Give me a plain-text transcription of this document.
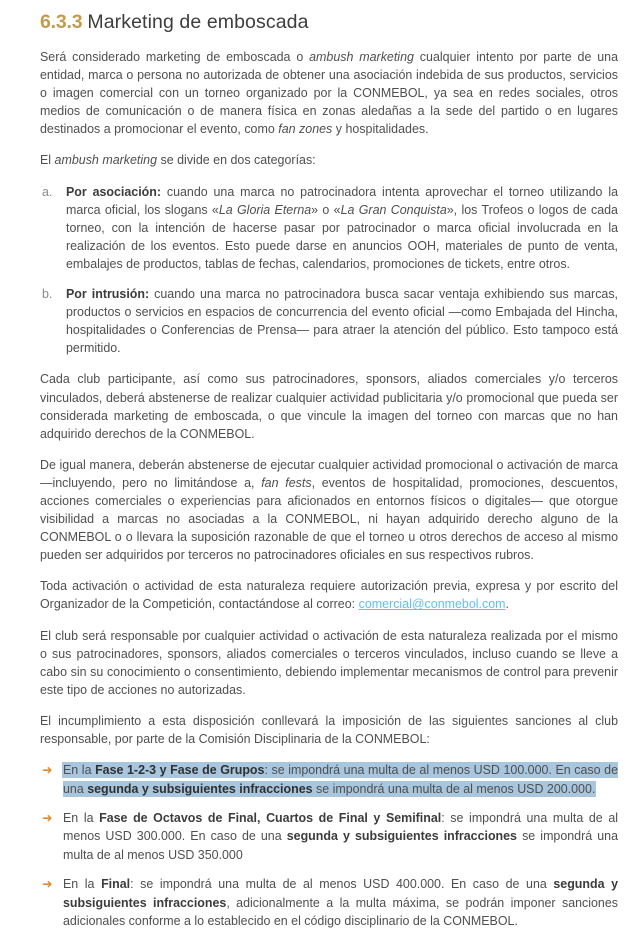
6.3.3 Marketing de emboscada

Será considerado marketing de emboscada o ambush marketing cualquier intento por parte de una entidad, marca o persona no autorizada de obtener una asociación indebida de sus productos, servicios o imagen comercial con un torneo organizado por la CONMEBOL, ya sea en redes sociales, otros medios de comunicación o de manera física en zonas aledañas a la sede del partido o en lugares destinados a promocionar el evento, como fan zones y hospitalidades.

El ambush marketing se divide en dos categorías:

a. Por asociación: cuando una marca no patrocinadora intenta aprovechar el torneo utilizando la marca oficial, los slogans «La Gloria Eterna» o «La Gran Conquista», los Trofeos o logos de cada torneo, con la intención de hacerse pasar por patrocinador o marca oficial involucrada en la realización de los eventos. Esto puede darse en anuncios OOH, materiales de punto de venta, embalajes de productos, tablas de fechas, calendarios, promociones de tickets, entre otros.
b. Por intrusión: cuando una marca no patrocinadora busca sacar ventaja exhibiendo sus marcas, productos o servicios en espacios de concurrencia del evento oficial —como Embajada del Hincha, hospitalidades o Conferencias de Prensa— para atraer la atención del público. Esto tampoco está permitido.

Cada club participante, así como sus patrocinadores, sponsors, aliados comerciales y/o terceros vinculados, deberá abstenerse de realizar cualquier actividad publicitaria y/o promocional que pueda ser considerada marketing de emboscada, o que vincule la imagen del torneo con marcas que no han adquirido derechos de la CONMEBOL.

De igual manera, deberán abstenerse de ejecutar cualquier actividad promocional o activación de marca —incluyendo, pero no limitándose a, fan fests, eventos de hospitalidad, promociones, descuentos, acciones comerciales o experiencias para aficionados en entornos físicos o digitales— que otorgue visibilidad a marcas no asociadas a la CONMEBOL, ni hayan adquirido derecho alguno de la CONMEBOL o o llevara la suposición razonable de que el torneo u otros derechos de acceso al mismo pueden ser adquiridos por terceros no patrocinadores oficiales en sus respectivos rubros.

Toda activación o actividad de esta naturaleza requiere autorización previa, expresa y por escrito del Organizador de la Competición, contactándose al correo: comercial@conmebol.com.

El club será responsable por cualquier actividad o activación de esta naturaleza realizada por el mismo o sus patrocinadores, sponsors, aliados comerciales o terceros vinculados, incluso cuando se lleve a cabo sin su conocimiento o consentimiento, debiendo implementar mecanismos de control para prevenir este tipo de acciones no autorizadas.

El incumplimiento a esta disposición conllevará la imposición de las siguientes sanciones al club responsable, por parte de la Comisión Disciplinaria de la CONMEBOL:

➜ En la Fase 1-2-3 y Fase de Grupos: se impondrá una multa de al menos USD 100.000. En caso de una segunda y subsiguientes infracciones se impondrá una multa de al menos USD 200.000.
➜ En la Fase de Octavos de Final, Cuartos de Final y Semifinal: se impondrá una multa de al menos USD 300.000. En caso de una segunda y subsiguientes infracciones se impondrá una multa de al menos USD 350.000
➜ En la Final: se impondrá una multa de al menos USD 400.000. En caso de una segunda y subsiguientes infracciones, adicionalmente a la multa máxima, se podrán imponer sanciones adicionales conforme a lo establecido en el código disciplinario de la CONMEBOL.
